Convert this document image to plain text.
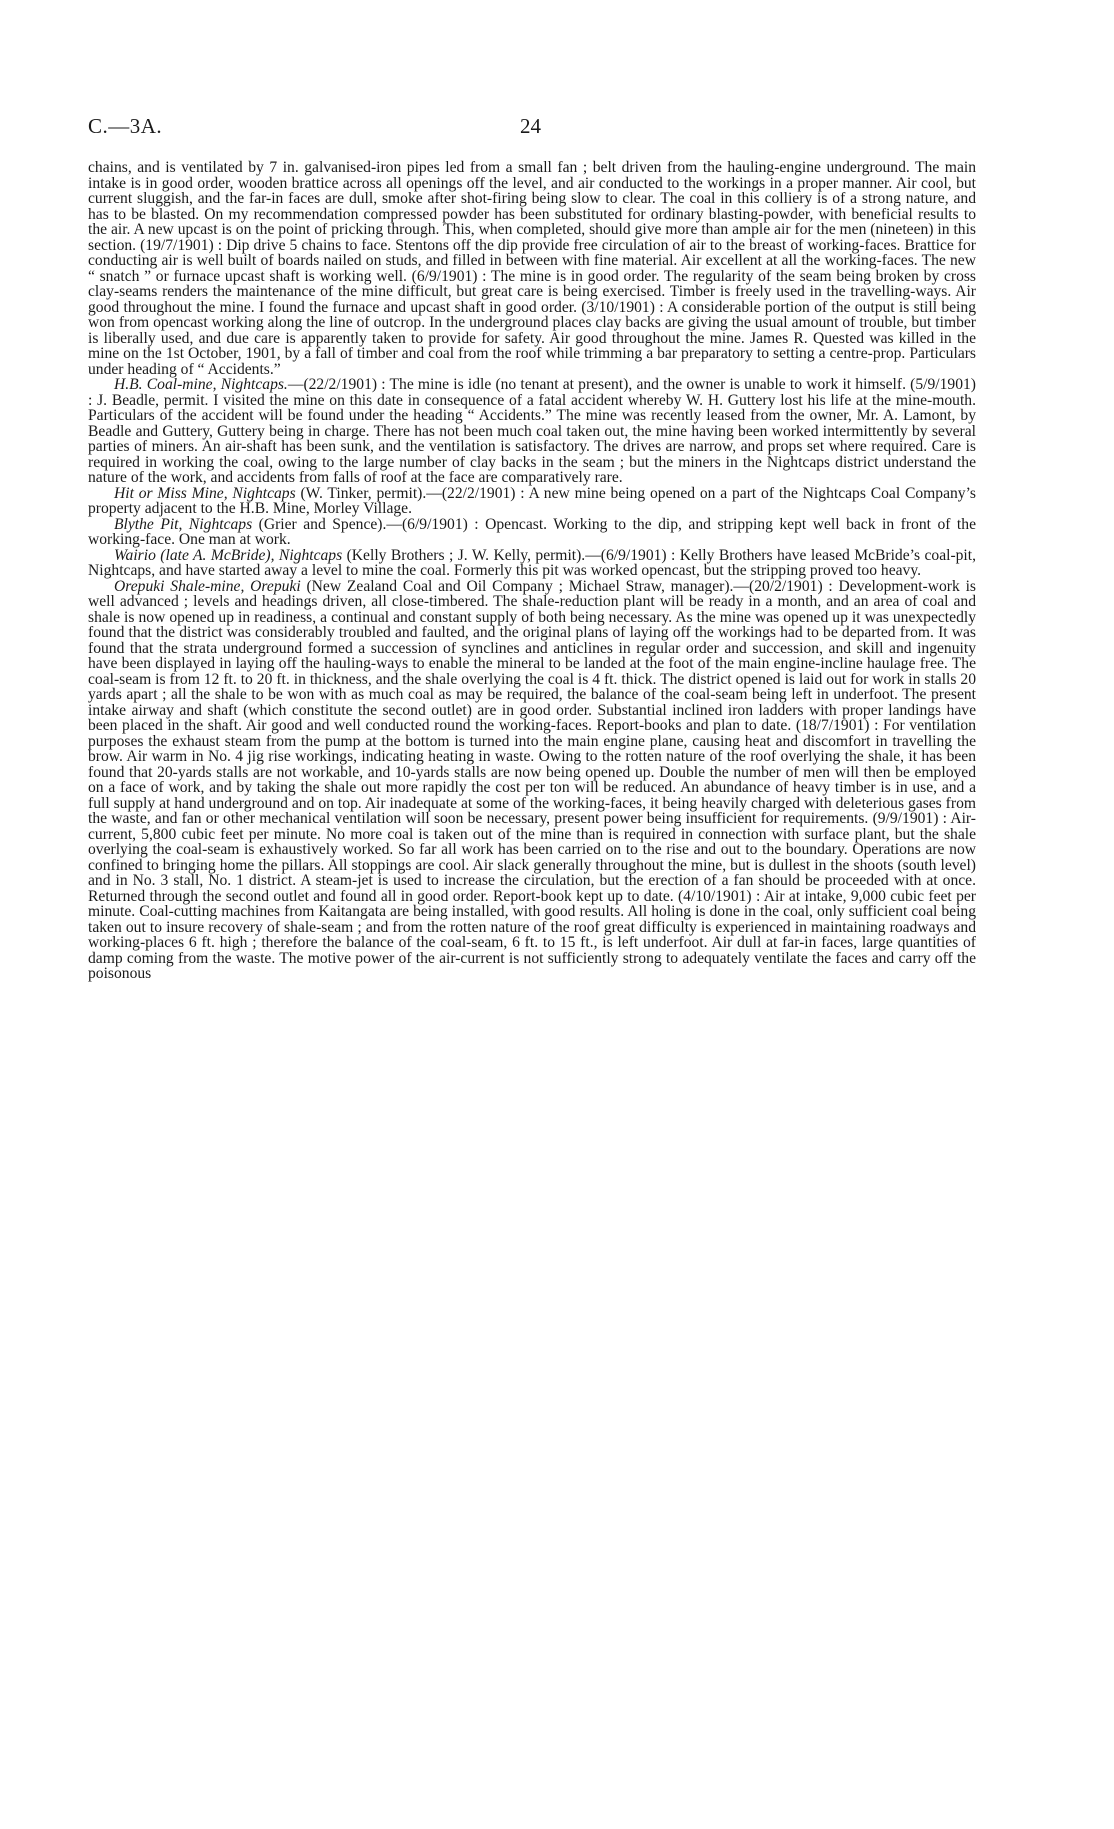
C.—3A.	24

chains, and is ventilated by 7 in. galvanised-iron pipes led from a small fan ; belt driven from the hauling-engine underground. The main intake is in good order, wooden brattice across all openings off the level, and air conducted to the workings in a proper manner. Air cool, but current sluggish, and the far-in faces are dull, smoke after shot-firing being slow to clear. The coal in this colliery is of a strong nature, and has to be blasted. On my recommendation compressed powder has been substituted for ordinary blasting-powder, with beneficial results to the air. A new upcast is on the point of pricking through. This, when completed, should give more than ample air for the men (nineteen) in this section. (19/7/1901) : Dip drive 5 chains to face. Stentons off the dip provide free circulation of air to the breast of working-faces. Brattice for conducting air is well built of boards nailed on studs, and filled in between with fine material. Air excellent at all the working-faces. The new “ snatch ” or furnace upcast shaft is working well. (6/9/1901) : The mine is in good order. The regularity of the seam being broken by cross clay-seams renders the maintenance of the mine difficult, but great care is being exercised. Timber is freely used in the travelling-ways. Air good throughout the mine. I found the furnace and upcast shaft in good order. (3/10/1901) : A considerable portion of the output is still being won from opencast working along the line of outcrop. In the underground places clay backs are giving the usual amount of trouble, but timber is liberally used, and due care is apparently taken to provide for safety. Air good throughout the mine. James R. Quested was killed in the mine on the 1st October, 1901, by a fall of timber and coal from the roof while trimming a bar preparatory to setting a centre-prop. Particulars under heading of “ Accidents.”

H.B. Coal-mine, Nightcaps.—(22/2/1901) : The mine is idle (no tenant at present), and the owner is unable to work it himself. (5/9/1901) : J. Beadle, permit. I visited the mine on this date in consequence of a fatal accident whereby W. H. Guttery lost his life at the mine-mouth. Particulars of the accident will be found under the heading “ Accidents.” The mine was recently leased from the owner, Mr. A. Lamont, by Beadle and Guttery, Guttery being in charge. There has not been much coal taken out, the mine having been worked intermittently by several parties of miners. An air-shaft has been sunk, and the ventilation is satisfactory. The drives are narrow, and props set where required. Care is required in working the coal, owing to the large number of clay backs in the seam ; but the miners in the Nightcaps district understand the nature of the work, and accidents from falls of roof at the face are comparatively rare.

Hit or Miss Mine, Nightcaps (W. Tinker, permit).—(22/2/1901) : A new mine being opened on a part of the Nightcaps Coal Company’s property adjacent to the H.B. Mine, Morley Village.

Blythe Pit, Nightcaps (Grier and Spence).—(6/9/1901) : Opencast. Working to the dip, and stripping kept well back in front of the working-face. One man at work.

Wairio (late A. McBride), Nightcaps (Kelly Brothers ; J. W. Kelly, permit).—(6/9/1901) : Kelly Brothers have leased McBride’s coal-pit, Nightcaps, and have started away a level to mine the coal. Formerly this pit was worked opencast, but the stripping proved too heavy.

Orepuki Shale-mine, Orepuki (New Zealand Coal and Oil Company ; Michael Straw, manager).—(20/2/1901) : Development-work is well advanced ; levels and headings driven, all close-timbered. The shale-reduction plant will be ready in a month, and an area of coal and shale is now opened up in readiness, a continual and constant supply of both being necessary. As the mine was opened up it was unexpectedly found that the district was considerably troubled and faulted, and the original plans of laying off the workings had to be departed from. It was found that the strata underground formed a succession of synclines and anticlines in regular order and succession, and skill and ingenuity have been displayed in laying off the hauling-ways to enable the mineral to be landed at the foot of the main engine-incline haulage free. The coal-seam is from 12 ft. to 20 ft. in thickness, and the shale overlying the coal is 4 ft. thick. The district opened is laid out for work in stalls 20 yards apart ; all the shale to be won with as much coal as may be required, the balance of the coal-seam being left in underfoot. The present intake airway and shaft (which constitute the second outlet) are in good order. Substantial inclined iron ladders with proper landings have been placed in the shaft. Air good and well conducted round the working-faces. Report-books and plan to date. (18/7/1901) : For ventilation purposes the exhaust steam from the pump at the bottom is turned into the main engine plane, causing heat and discomfort in travelling the brow. Air warm in No. 4 jig rise workings, indicating heating in waste. Owing to the rotten nature of the roof overlying the shale, it has been found that 20-yards stalls are not workable, and 10-yards stalls are now being opened up. Double the number of men will then be employed on a face of work, and by taking the shale out more rapidly the cost per ton will be reduced. An abundance of heavy timber is in use, and a full supply at hand underground and on top. Air inadequate at some of the working-faces, it being heavily charged with deleterious gases from the waste, and fan or other mechanical ventilation will soon be necessary, present power being insufficient for requirements. (9/9/1901) : Air-current, 5,800 cubic feet per minute. No more coal is taken out of the mine than is required in connection with surface plant, but the shale overlying the coal-seam is exhaustively worked. So far all work has been carried on to the rise and out to the boundary. Operations are now confined to bringing home the pillars. All stoppings are cool. Air slack generally throughout the mine, but is dullest in the shoots (south level) and in No. 3 stall, No. 1 district. A steam-jet is used to increase the circulation, but the erection of a fan should be proceeded with at once. Returned through the second outlet and found all in good order. Report-book kept up to date. (4/10/1901) : Air at intake, 9,000 cubic feet per minute. Coal-cutting machines from Kaitangata are being installed, with good results. All holing is done in the coal, only sufficient coal being taken out to insure recovery of shale-seam ; and from the rotten nature of the roof great difficulty is experienced in maintaining roadways and working-places 6 ft. high ; therefore the balance of the coal-seam, 6 ft. to 15 ft., is left underfoot. Air dull at far-in faces, large quantities of damp coming from the waste. The motive power of the air-current is not sufficiently strong to adequately ventilate the faces and carry off the poisonous
